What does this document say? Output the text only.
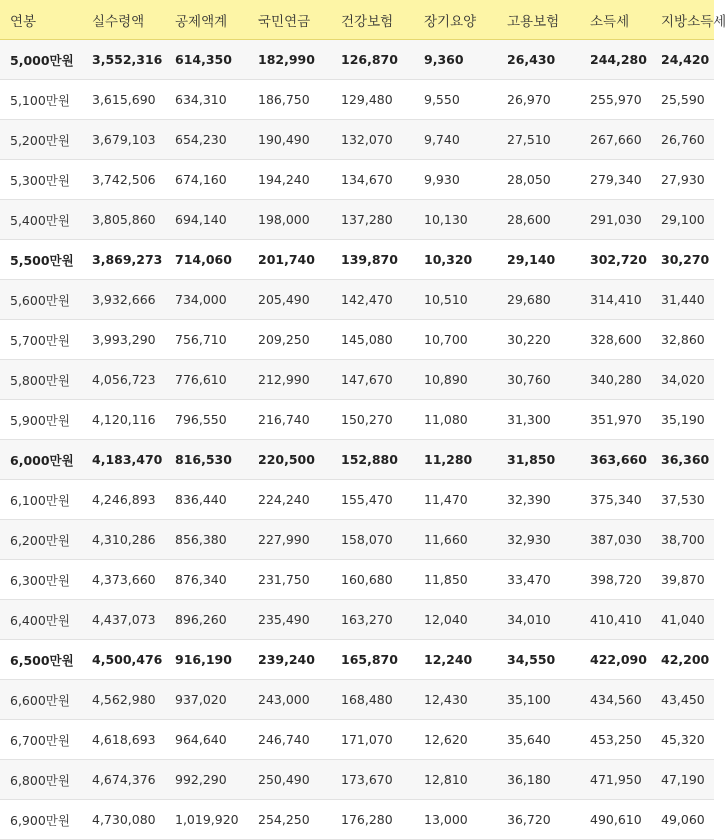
연봉	실수령액	공제액계	국민연금	건강보험	장기요양	고용보험	소득세	지방소득세
5,000만원	3,552,316	614,350	182,990	126,870	9,360	26,430	244,280	24,420
5,100만원	3,615,690	634,310	186,750	129,480	9,550	26,970	255,970	25,590
5,200만원	3,679,103	654,230	190,490	132,070	9,740	27,510	267,660	26,760
5,300만원	3,742,506	674,160	194,240	134,670	9,930	28,050	279,340	27,930
5,400만원	3,805,860	694,140	198,000	137,280	10,130	28,600	291,030	29,100
5,500만원	3,869,273	714,060	201,740	139,870	10,320	29,140	302,720	30,270
5,600만원	3,932,666	734,000	205,490	142,470	10,510	29,680	314,410	31,440
5,700만원	3,993,290	756,710	209,250	145,080	10,700	30,220	328,600	32,860
5,800만원	4,056,723	776,610	212,990	147,670	10,890	30,760	340,280	34,020
5,900만원	4,120,116	796,550	216,740	150,270	11,080	31,300	351,970	35,190
6,000만원	4,183,470	816,530	220,500	152,880	11,280	31,850	363,660	36,360
6,100만원	4,246,893	836,440	224,240	155,470	11,470	32,390	375,340	37,530
6,200만원	4,310,286	856,380	227,990	158,070	11,660	32,930	387,030	38,700
6,300만원	4,373,660	876,340	231,750	160,680	11,850	33,470	398,720	39,870
6,400만원	4,437,073	896,260	235,490	163,270	12,040	34,010	410,410	41,040
6,500만원	4,500,476	916,190	239,240	165,870	12,240	34,550	422,090	42,200
6,600만원	4,562,980	937,020	243,000	168,480	12,430	35,100	434,560	43,450
6,700만원	4,618,693	964,640	246,740	171,070	12,620	35,640	453,250	45,320
6,800만원	4,674,376	992,290	250,490	173,670	12,810	36,180	471,950	47,190
6,900만원	4,730,080	1,019,920	254,250	176,280	13,000	36,720	490,610	49,060
